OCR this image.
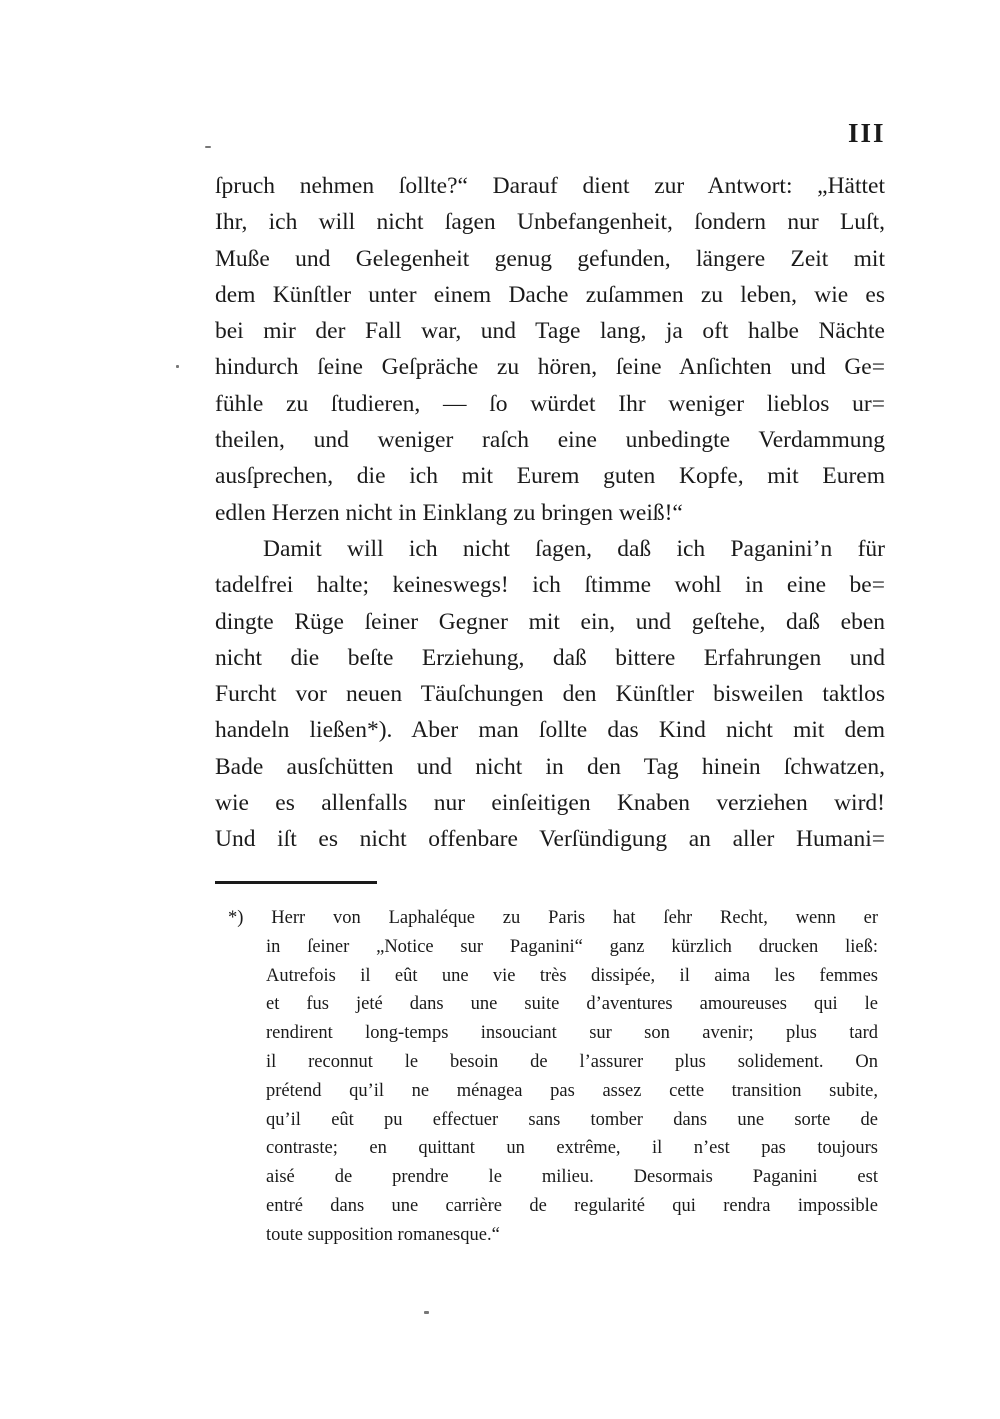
III
ſpruch nehmen ſollte?“ Darauf dient zur Antwort: „Hättet
Ihr, ich will nicht ſagen Unbefangenheit, ſondern nur Luſt,
Muße und Gelegenheit genug gefunden, längere Zeit mit
dem Künſtler unter einem Dache zuſammen zu leben, wie es
bei mir der Fall war, und Tage lang, ja oft halbe Nächte
hindurch ſeine Geſpräche zu hören, ſeine Anſichten und Ge=
fühle zu ſtudieren, — ſo würdet Ihr weniger lieblos ur=
theilen, und weniger raſch eine unbedingte Verdammung
ausſprechen, die ich mit Eurem guten Kopfe, mit Eurem
edlen Herzen nicht in Einklang zu bringen weiß!“
Damit will ich nicht ſagen, daß ich Paganini’n für
tadelfrei halte; keineswegs! ich ſtimme wohl in eine be=
dingte Rüge ſeiner Gegner mit ein, und geſtehe, daß eben
nicht die beſte Erziehung, daß bittere Erfahrungen und
Furcht vor neuen Täuſchungen den Künſtler bisweilen taktlos
handeln ließen*). Aber man ſollte das Kind nicht mit dem
Bade ausſchütten und nicht in den Tag hinein ſchwatzen,
wie es allenfalls nur einſeitigen Knaben verziehen wird!
Und iſt es nicht offenbare Verſündigung an aller Humani=
*) Herr von Laphaléque zu Paris hat ſehr Recht, wenn er
in ſeiner „Notice sur Paganini“ ganz kürzlich drucken ließ:
Autrefois il eût une vie très dissipée, il aima les femmes
et fus jeté dans une suite d’aventures amoureuses qui le
rendirent long-temps insouciant sur son avenir; plus tard
il reconnut le besoin de l’assurer plus solidement. On
prétend qu’il ne ménagea pas assez cette transition subite,
qu’il eût pu effectuer sans tomber dans une sorte de
contraste; en quittant un extrême, il n’est pas toujours
aisé de prendre le milieu. Desormais Paganini est
entré dans une carrière de regularité qui rendra impossible
toute supposition romanesque.“
